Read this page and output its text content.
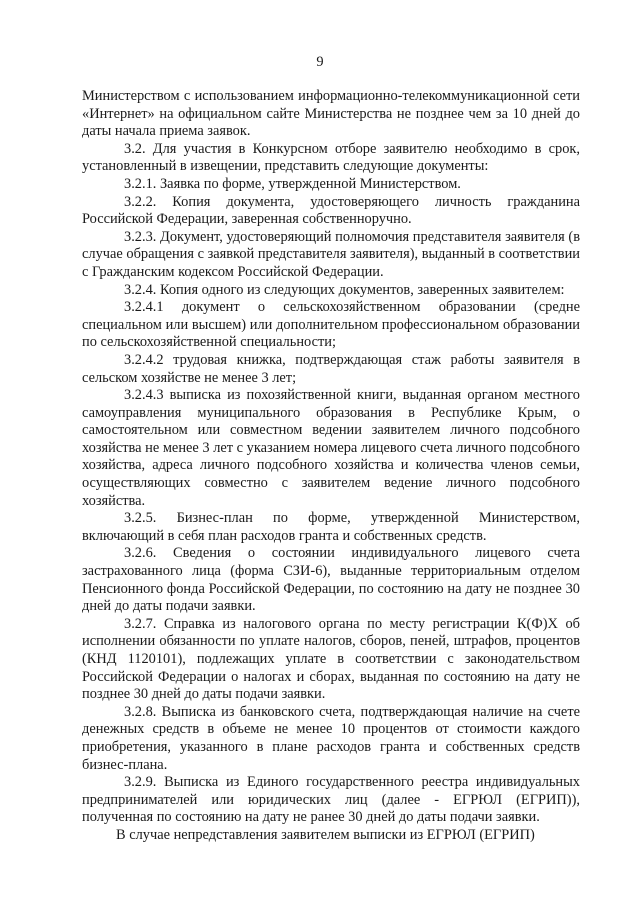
9

Министерством с использованием информационно-телекоммуникационной сети «Интернет» на официальном сайте Министерства не позднее чем за 10 дней до даты начала приема заявок.

3.2. Для участия в Конкурсном отборе заявителю необходимо в срок, установленный в извещении, представить следующие документы:

3.2.1. Заявка по форме, утвержденной Министерством.

3.2.2. Копия документа, удостоверяющего личность гражданина Российской Федерации, заверенная собственноручно.

3.2.3. Документ, удостоверяющий полномочия представителя заявителя (в случае обращения с заявкой представителя заявителя), выданный в соответствии с Гражданским кодексом Российской Федерации.

3.2.4. Копия одного из следующих документов, заверенных заявителем:

3.2.4.1 документ о сельскохозяйственном образовании (средне специальном или высшем) или дополнительном профессиональном образовании по сельскохозяйственной специальности;

3.2.4.2 трудовая книжка, подтверждающая стаж работы заявителя в сельском хозяйстве не менее 3 лет;

3.2.4.3 выписка из похозяйственной книги, выданная органом местного самоуправления муниципального образования в Республике Крым, о самостоятельном или совместном ведении заявителем личного подсобного хозяйства не менее 3 лет с указанием номера лицевого счета личного подсобного хозяйства, адреса личного подсобного хозяйства и количества членов семьи, осуществляющих совместно с заявителем ведение личного подсобного хозяйства.

3.2.5. Бизнес-план по форме, утвержденной Министерством, включающий в себя план расходов гранта и собственных средств.

3.2.6. Сведения о состоянии индивидуального лицевого счета застрахованного лица (форма СЗИ-6), выданные территориальным отделом Пенсионного фонда Российской Федерации, по состоянию на дату не позднее 30 дней до даты подачи заявки.

3.2.7. Справка из налогового органа по месту регистрации К(Ф)Х об исполнении обязанности по уплате налогов, сборов, пеней, штрафов, процентов (КНД 1120101), подлежащих уплате в соответствии с законодательством Российской Федерации о налогах и сборах, выданная по состоянию на дату не позднее 30 дней до даты подачи заявки.

3.2.8. Выписка из банковского счета, подтверждающая наличие на счете денежных средств в объеме не менее 10 процентов от стоимости каждого приобретения, указанного в плане расходов гранта и собственных средств бизнес-плана.

3.2.9. Выписка из Единого государственного реестра индивидуальных предпринимателей или юридических лиц (далее - ЕГРЮЛ (ЕГРИП)), полученная по состоянию на дату не ранее 30 дней до даты подачи заявки.

В случае непредставления заявителем выписки из ЕГРЮЛ (ЕГРИП)
